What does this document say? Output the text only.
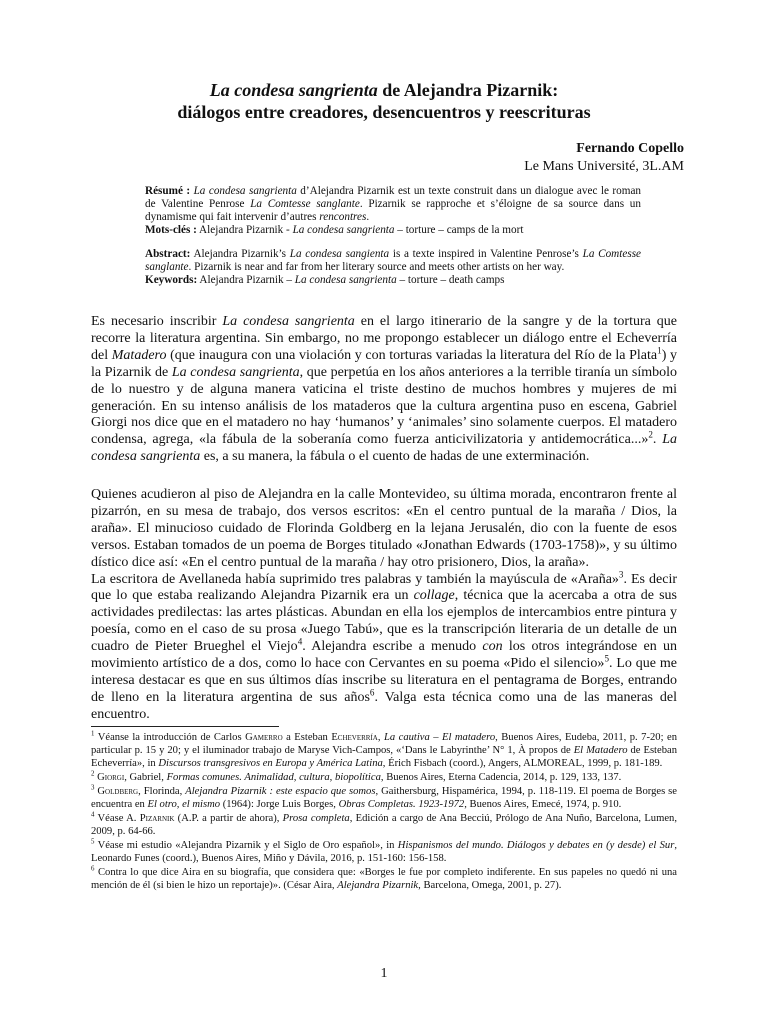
La condesa sangrienta de Alejandra Pizarnik:
diálogos entre creadores, desencuentros y reescrituras
Fernando Copello
Le Mans Université, 3L.AM

Résumé : La condesa sangrienta d’Alejandra Pizarnik est un texte construit dans un dialogue avec le roman de Valentine Penrose La Comtesse sanglante. Pizarnik se rapproche et s’éloigne de sa source dans un dynamisme qui fait intervenir d’autres rencontres.

Mots-clés : Alejandra Pizarnik - La condesa sangrienta – torture – camps de la mort

Abstract: Alejandra Pizarnik’s La condesa sangienta is a texte inspired in Valentine Penrose’s La Comtesse sanglante. Pizarnik is near and far from her literary source and meets other artists on her way.

Keywords: Alejandra Pizarnik – La condesa sangrienta – torture – death camps

Es necesario inscribir La condesa sangrienta en el largo itinerario de la sangre y de la tortura que recorre la literatura argentina. Sin embargo, no me propongo establecer un diálogo entre el Echeverría del Matadero (que inaugura con una violación y con torturas variadas la literatura del Río de la Plata$^1$) y la Pizarnik de La condesa sangrienta, que perpetúa en los años anteriores a la terrible tiranía un símbolo de lo nuestro y de alguna manera vaticina el triste destino de muchos hombres y mujeres de mi generación. En su intenso análisis de los mataderos que la cultura argentina puso en escena, Gabriel Giorgi nos dice que en el matadero no hay ‘humanos’ y ‘animales’ sino solamente cuerpos. El matadero condensa, agrega, «la fábula de la soberanía como fuerza anticivilizatoria y antidemocrática...»$^2$. La condesa sangrienta es, a su manera, la fábula o el cuento de hadas de une exterminación.

Quienes acudieron al piso de Alejandra en la calle Montevideo, su última morada, encontraron frente al pizarrón, en su mesa de trabajo, dos versos escritos: «En el centro puntual de la maraña / Dios, la araña». El minucioso cuidado de Florinda Goldberg en la lejana Jerusalén, dio con la fuente de esos versos. Estaban tomados de un poema de Borges titulado «Jonathan Edwards (1703-1758)», y su último dístico dice así: «En el centro puntual de la maraña / hay otro prisionero, Dios, la araña».

La escritora de Avellaneda había suprimido tres palabras y también la mayúscula de «Araña»$^3$. Es decir que lo que estaba realizando Alejandra Pizarnik era un collage, técnica que la acercaba a otra de sus actividades predilectas: las artes plásticas. Abundan en ella los ejemplos de intercambios entre pintura y poesía, como en el caso de su prosa «Juego Tabú», que es la transcripción literaria de un detalle de un cuadro de Pieter Brueghel el Viejo$^4$. Alejandra escribe a menudo con los otros integrándose en un movimiento artístico de a dos, como lo hace con Cervantes en su poema «Pido el silencio»$^5$. Lo que me interesa destacar es que en sus últimos días inscribe su literatura en el pentagrama de Borges, entrando de lleno en la literatura argentina de sus años$^6$. Valga esta técnica como una de las maneras del encuentro.

$^1$ Véanse la introducción de Carlos Gamerro a Esteban Echeverría, La cautiva – El matadero, Buenos Aires, Eudeba, 2011, p. 7-20; en particular p. 15 y 20; y el iluminador trabajo de Maryse Vich-Campos, «‘Dans le Labyrinthe’ N° 1, À propos de El Matadero de Esteban Echeverría», in Discursos transgresivos en Europa y América Latina, Érich Fisbach (coord.), Angers, ALMOREAL, 1999, p. 181-189.

$^2$ Giorgi, Gabriel, Formas comunes. Animalidad, cultura, biopolítica, Buenos Aires, Eterna Cadencia, 2014, p. 129, 133, 137.

$^3$ Goldberg, Florinda, Alejandra Pizarnik : este espacio que somos, Gaithersburg, Hispamérica, 1994, p. 118-119. El poema de Borges se encuentra en El otro, el mismo (1964): Jorge Luis Borges, Obras Completas. 1923-1972, Buenos Aires, Emecé, 1974, p. 910.

$^4$ Véase A. Pizarnik (A.P. a partir de ahora), Prosa completa, Edición a cargo de Ana Becciú, Prólogo de Ana Nuño, Barcelona, Lumen, 2009, p. 64-66.

$^5$ Véase mi estudio «Alejandra Pizarnik y el Siglo de Oro español», in Hispanismos del mundo. Diálogos y debates en (y desde) el Sur, Leonardo Funes (coord.), Buenos Aires, Miño y Dávila, 2016, p. 151-160: 156-158.

$^6$ Contra lo que dice Aira en su biografía, que considera que: «Borges le fue por completo indiferente. En sus papeles no quedó ni una mención de él (si bien le hizo un reportaje)». (César Aira, Alejandra Pizarnik, Barcelona, Omega, 2001, p. 27).

1
